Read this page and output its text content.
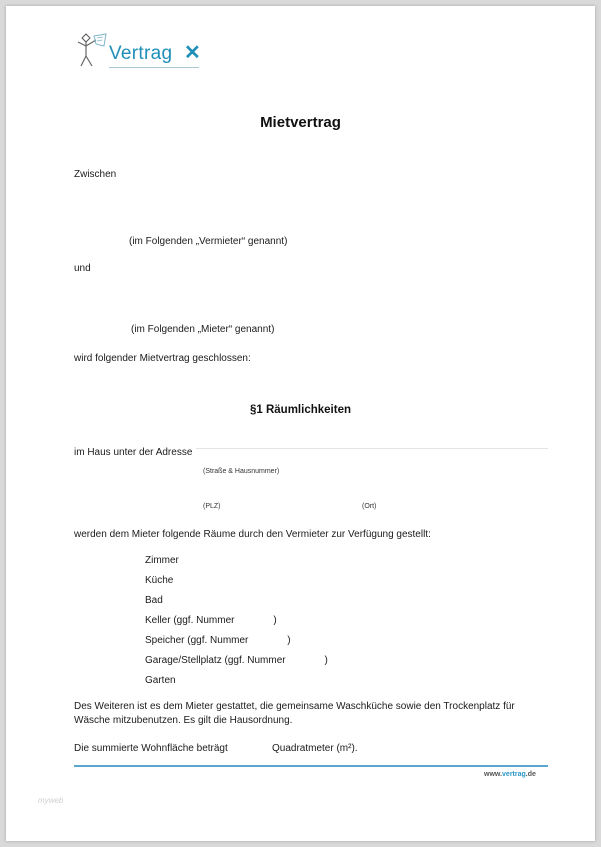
Vertrag ✕
Mietvertrag
Zwischen
(im Folgenden „Vermieter“ genannt)
und
(im Folgenden „Mieter“ genannt)
wird folgender Mietvertrag geschlossen:
§1 Räumlichkeiten
im Haus unter der Adresse
(Straße & Hausnummer)
(PLZ)	(Ort)
werden dem Mieter folgende Räume durch den Vermieter zur Verfügung gestellt:
Zimmer
Küche
Bad
Keller (ggf. Nummer              )
Speicher (ggf. Nummer              )
Garage/Stellplatz (ggf. Nummer              )
Garten
Des Weiteren ist es dem Mieter gestattet, die gemeinsame Waschküche sowie den Trockenplatz für
Wäsche mitzubenutzen. Es gilt die Hausordnung.
Die summierte Wohnfläche beträgt	Quadratmeter (m²).
www.vertrag.de
myweb
